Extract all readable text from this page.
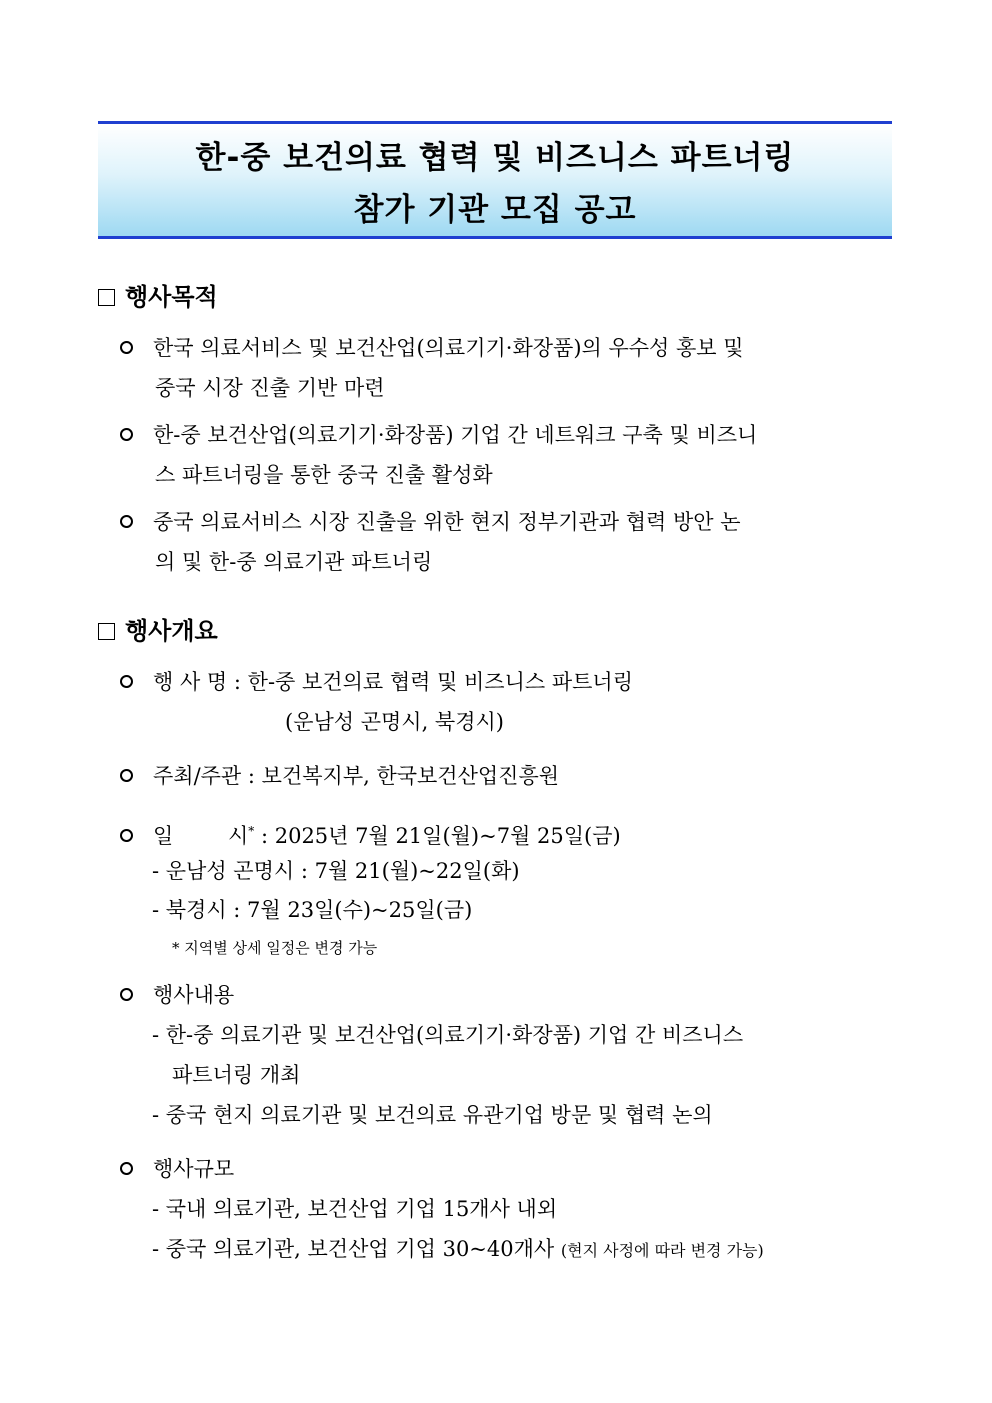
한-중 보건의료 협력 및 비즈니스 파트너링
참가 기관 모집 공고
행사목적
한국 의료서비스 및 보건산업(의료기기·화장품)의 우수성 홍보 및
중국 시장 진출 기반 마련
한-중 보건산업(의료기기·화장품) 기업 간 네트워크 구축 및 비즈니
스 파트너링을 통한 중국 진출 활성화
중국 의료서비스 시장 진출을 위한 현지 정부기관과 협력 방안 논
의 및 한-중 의료기관 파트너링
행사개요
행 사 명 : 한-중 보건의료 협력 및 비즈니스 파트너링
(운남성 곤명시, 북경시)
주최/주관 : 보건복지부, 한국보건산업진흥원
일	시* : 2025년 7월 21일(월)~7월 25일(금)
- 운남성 곤명시 : 7월 21(월)~22일(화)
- 북경시 : 7월 23일(수)~25일(금)
* 지역별 상세 일정은 변경 가능
행사내용
- 한-중 의료기관 및 보건산업(의료기기·화장품) 기업 간 비즈니스
파트너링 개최
- 중국 현지 의료기관 및 보건의료 유관기업 방문 및 협력 논의
행사규모
- 국내 의료기관, 보건산업 기업 15개사 내외
- 중국 의료기관, 보건산업 기업 30~40개사 (현지 사정에 따라 변경 가능)
